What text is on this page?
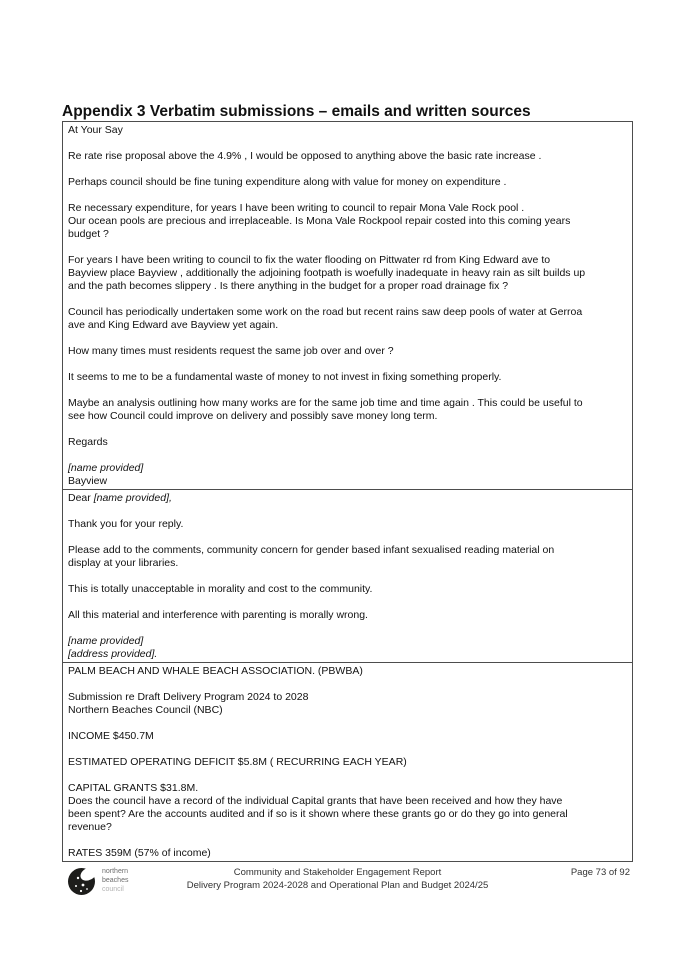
Appendix 3 Verbatim submissions – emails and written sources
At Your Say

Re rate rise proposal above the 4.9% , I would be opposed to anything above the basic rate increase .

Perhaps council should be fine tuning expenditure along with value for money on expenditure .

Re necessary expenditure, for years I have been writing to council to repair Mona Vale Rock pool .
Our ocean pools are precious and irreplaceable. Is Mona Vale Rockpool repair costed into this coming years
budget ?

For years I have been writing to council to fix the water flooding on Pittwater rd from King Edward ave to
Bayview place Bayview , additionally the adjoining footpath is woefully inadequate in heavy rain as silt builds up
and the path becomes slippery . Is there anything in the budget for a proper road drainage fix ?

Council has periodically undertaken some work on the road but recent rains saw deep pools of water at Gerroa
ave and King Edward ave Bayview yet again.

How many times must residents request the same job over and over ?

It seems to me to be a fundamental waste of money to not invest in fixing something properly.

Maybe an analysis outlining how many works are for the same job time and time again . This could be useful to
see how Council could improve on delivery and possibly save money long term.

Regards

[name provided]
Bayview
Dear [name provided],

Thank you for your reply.

Please add to the comments, community concern for gender based infant sexualised reading material on
display at your libraries.

This is totally unacceptable in morality and cost to the community.

All this material and interference with parenting is morally wrong.

[name provided]
[address provided].
PALM BEACH AND WHALE BEACH ASSOCIATION. (PBWBA)

Submission re Draft Delivery Program 2024 to 2028
Northern Beaches Council (NBC)

INCOME $450.7M

ESTIMATED OPERATING DEFICIT $5.8M ( RECURRING EACH YEAR)

CAPITAL GRANTS $31.8M.
Does the council have a record of the individual Capital grants that have been received and how they have
been spent? Are the accounts audited and if so is it shown where these grants go or do they go into general
revenue?

RATES 359M (57% of income)
northern
beaches
council
Community and Stakeholder Engagement Report
Delivery Program 2024-2028 and Operational Plan and Budget 2024/25
Page 73 of 92
